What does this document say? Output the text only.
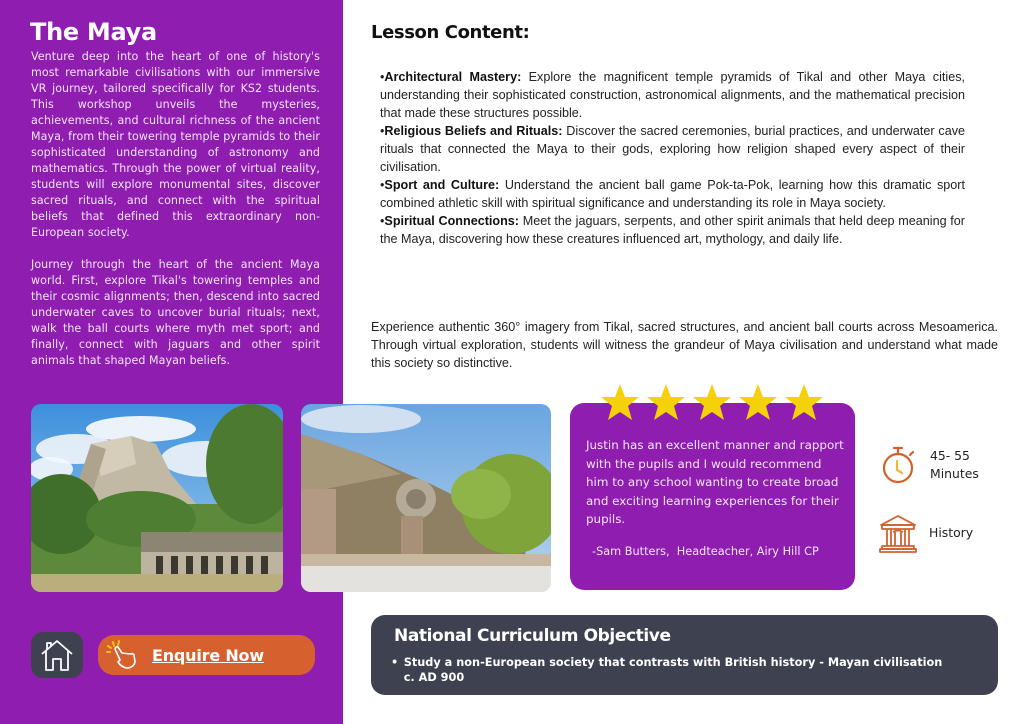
The Maya

Venture deep into the heart of one of history's most remarkable civilisations with our immersive VR journey, tailored specifically for KS2 students. This workshop unveils the mysteries, achievements, and cultural richness of the ancient Maya, from their towering temple pyramids to their sophisticated understanding of astronomy and mathematics. Through the power of virtual reality, students will explore monumental sites, discover sacred rituals, and connect with the spiritual beliefs that defined this extraordinary non-European society.

Journey through the heart of the ancient Maya world. First, explore Tikal's towering temples and their cosmic alignments; then, descend into sacred underwater caves to uncover burial rituals; next, walk the ball courts where myth met sport; and finally, connect with jaguars and other spirit animals that shaped Mayan beliefs.

Enquire Now
Lesson Content:
•Architectural Mastery: Explore the magnificent temple pyramids of Tikal and other Maya cities, understanding their sophisticated construction, astronomical alignments, and the mathematical precision that made these structures possible.
•Religious Beliefs and Rituals: Discover the sacred ceremonies, burial practices, and underwater cave rituals that connected the Maya to their gods, exploring how religion shaped every aspect of their civilisation.
•Sport and Culture: Understand the ancient ball game Pok-ta-Pok, learning how this dramatic sport combined athletic skill with spiritual significance and understanding its role in Maya society.
•Spiritual Connections: Meet the jaguars, serpents, and other spirit animals that held deep meaning for the Maya, discovering how these creatures influenced art, mythology, and daily life.

Experience authentic 360° imagery from Tikal, sacred structures, and ancient ball courts across Mesoamerica. Through virtual exploration, students will witness the grandeur of Maya civilisation and understand what made this society so distinctive.

Justin has an excellent manner and rapport with the pupils and I would recommend him to any school wanting to create broad and exciting learning experiences for their pupils.

-Sam Butters,  Headteacher, Airy Hill CP

45- 55
Minutes
History
National Curriculum Objective
• Study a non-European society that contrasts with British history - Mayan civilisation c. AD 900
